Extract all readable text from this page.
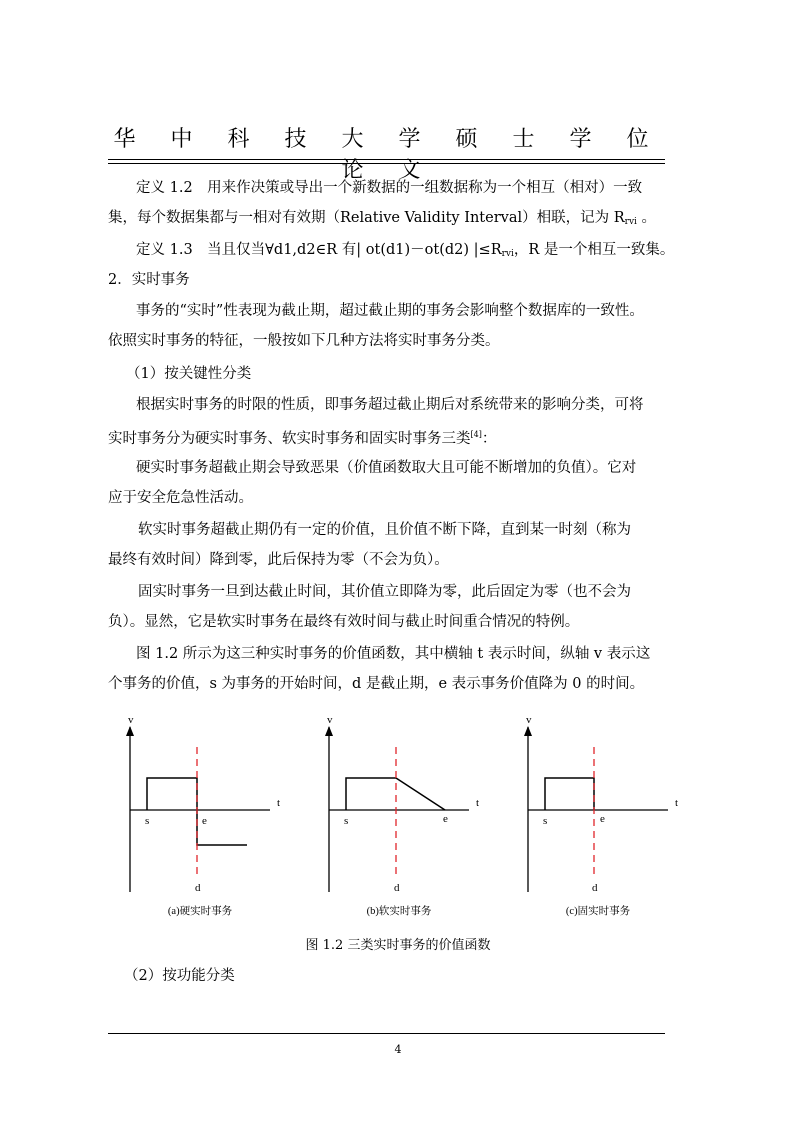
华 中 科 技 大 学 硕 士 学 位 论 文
定义 1.2　用来作决策或导出一个新数据的一组数据称为一个相互（相对）一致
集，每个数据集都与一相对有效期（Relative Validity Interval）相联，记为 $R_{rvi}$ 。
定义 1.3　当且仅当∀d1,d2∈R 有| ot(d1)－ot(d2) $|\le R_{rvi}$，R 是一个相互一致集。
2．实时事务
事务的“实时”性表现为截止期，超过截止期的事务会影响整个数据库的一致性。
依照实时事务的特征，一般按如下几种方法将实时事务分类。
（1）按关键性分类
根据实时事务的时限的性质，即事务超过截止期后对系统带来的影响分类，可将
实时事务分为硬实时事务、软实时事务和固实时事务三类[4]：
硬实时事务超截止期会导致恶果（价值函数取大且可能不断增加的负值）。它对
应于安全危急性活动。
软实时事务超截止期仍有一定的价值，且价值不断下降，直到某一时刻（称为
最终有效时间）降到零，此后保持为零（不会为负）。
固实时事务一旦到达截止时间，其价值立即降为零，此后固定为零（也不会为
负）。显然，它是软实时事务在最终有效时间与截止时间重合情况的特例。
图 1.2 所示为这三种实时事务的价值函数，其中横轴 t 表示时间，纵轴 v 表示这
个事务的价值，s 为事务的开始时间，d 是截止期，e 表示事务价值降为 0 的时间。
v
t
s	e
d
(a)硬实时事务
v
t
s	e
d
(b)软实时事务
v
t
s	e
d
(c)固实时事务
图 1.2 三类实时事务的价值函数
（2）按功能分类
4
